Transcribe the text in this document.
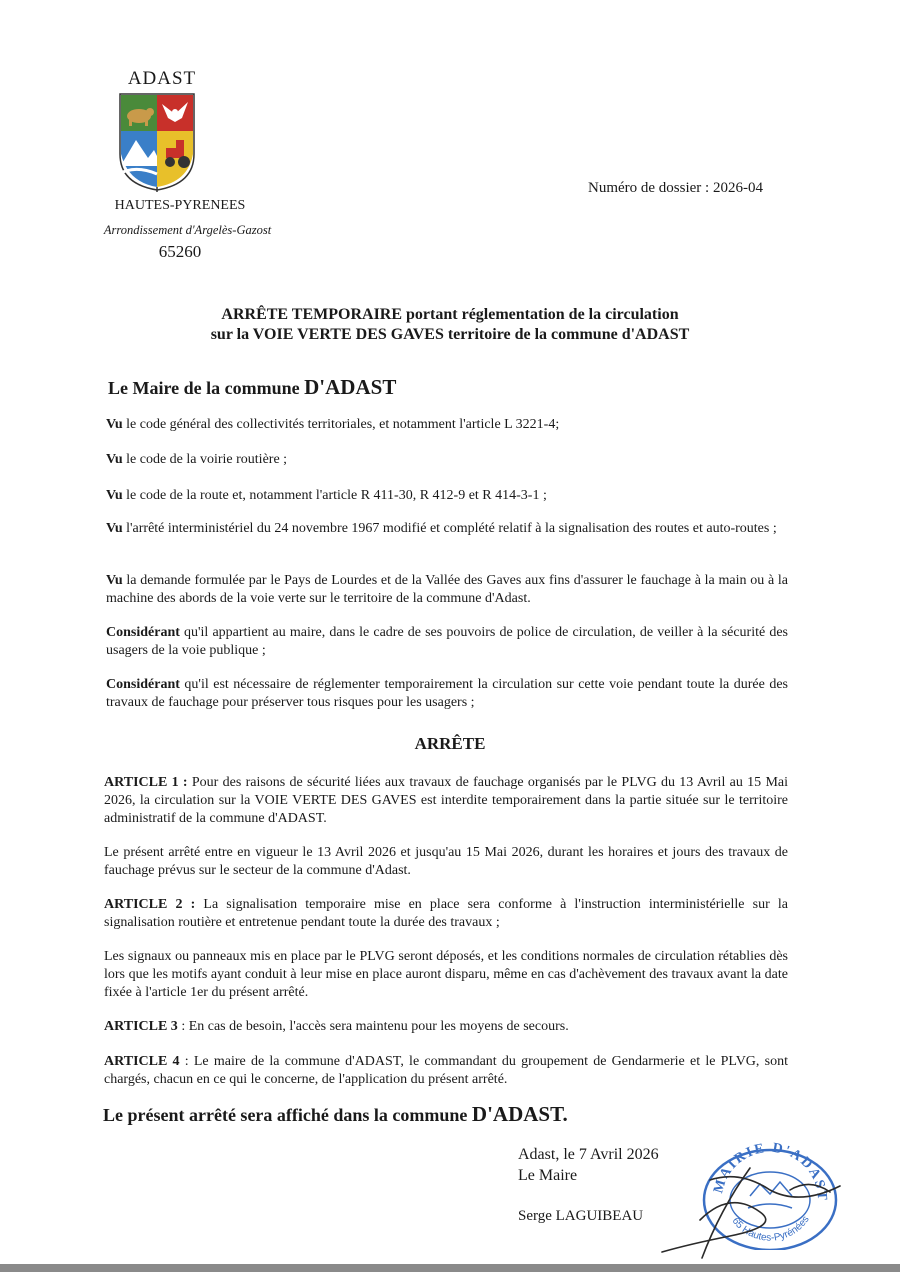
ADAST
HAUTES-PYRENEES
Arrondissement d'Argelès-Gazost
65260
Numéro de dossier : 2026-04
ARRÊTE TEMPORAIRE portant réglementation de la circulation
sur la VOIE VERTE DES GAVES territoire de la commune d'ADAST
Le Maire de la commune D'ADAST
Vu le code général des collectivités territoriales, et notamment l'article L 3221-4;
Vu le code de la voirie routière ;
Vu le code de la route et, notamment l'article R 411-30, R 412-9 et R 414-3-1 ;
Vu l'arrêté interministériel du 24 novembre 1967 modifié et complété relatif à la signalisation des routes et auto-routes ;
Vu la demande formulée par le Pays de Lourdes et de la Vallée des Gaves aux fins d'assurer le fauchage à la main ou à la machine des abords de la voie verte sur le territoire de la commune d'Adast.
Considérant qu'il appartient au maire, dans le cadre de ses pouvoirs de police de circulation, de veiller à la sécurité des usagers de la voie publique ;
Considérant qu'il est nécessaire de réglementer temporairement la circulation sur cette voie pendant toute la durée des travaux de fauchage pour préserver tous risques pour les usagers ;
ARRÊTE
ARTICLE 1 : Pour des raisons de sécurité liées aux travaux de fauchage organisés par le PLVG du 13 Avril au 15 Mai 2026, la circulation sur la VOIE VERTE DES GAVES est interdite temporairement dans la partie située sur le territoire administratif de la commune d'ADAST.
Le présent arrêté entre en vigueur le 13 Avril 2026 et jusqu'au 15 Mai 2026, durant les horaires et jours des travaux de fauchage prévus sur le secteur de la commune d'Adast.
ARTICLE 2 : La signalisation temporaire mise en place sera conforme à l'instruction interministérielle sur la signalisation routière et entretenue pendant toute la durée des travaux ;
Les signaux ou panneaux mis en place par le PLVG seront déposés, et les conditions normales de circulation rétablies dès lors que les motifs ayant conduit à leur mise en place auront disparu, même en cas d'achèvement des travaux avant la date fixée à l'article 1er du présent arrêté.
ARTICLE 3 : En cas de besoin, l'accès sera maintenu pour les moyens de secours.
ARTICLE 4 : Le maire de la commune d'ADAST, le commandant du groupement de Gendarmerie et le PLVG, sont chargés, chacun en ce qui le concerne, de l'application du présent arrêté.
Le présent arrêté sera affiché dans la commune D'ADAST.
Adast, le 7 Avril 2026
Le Maire
Serge LAGUIBEAU
MAIRIE D'ADAST
65 Hautes-Pyrénées
